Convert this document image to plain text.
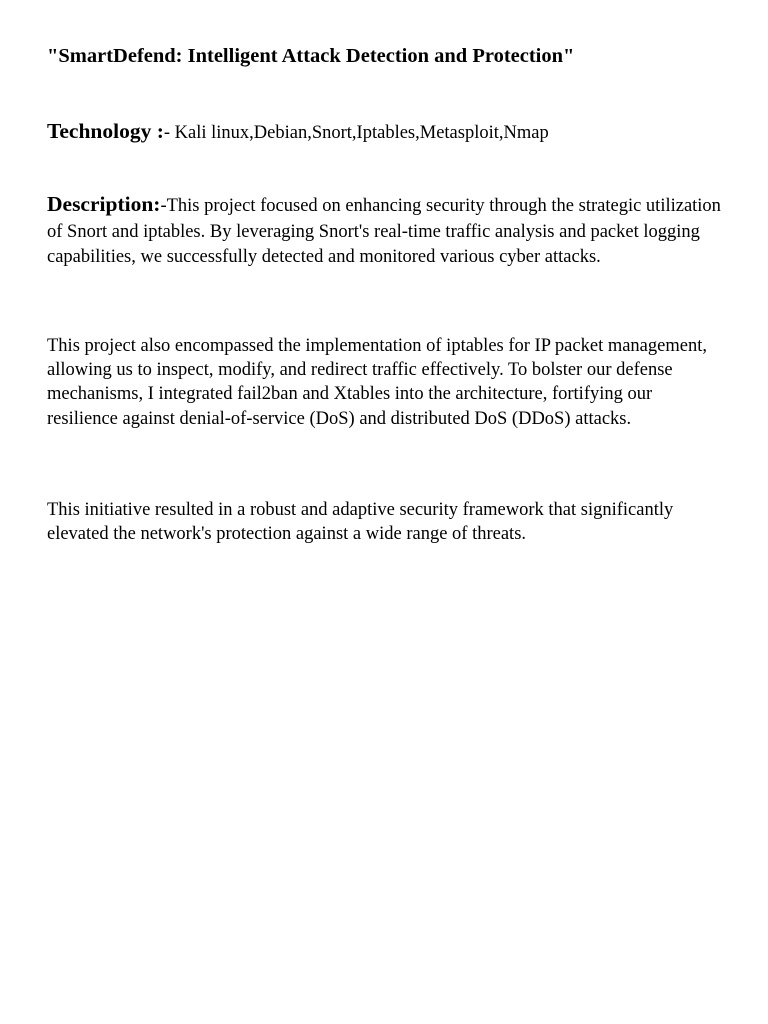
"SmartDefend: Intelligent Attack Detection and Protection"

Technology :- Kali linux,Debian,Snort,Iptables,Metasploit,Nmap

Description:-This project focused on enhancing security through the strategic utilization of Snort and iptables. By leveraging Snort's real-time traffic analysis and packet logging capabilities, we successfully detected and monitored various cyber attacks.

This project also encompassed the implementation of iptables for IP packet management, allowing us to inspect, modify, and redirect traffic effectively. To bolster our defense mechanisms, I integrated fail2ban and Xtables into the architecture, fortifying our resilience against denial-of-service (DoS) and distributed DoS (DDoS) attacks.

This initiative resulted in a robust and adaptive security framework that significantly elevated the network's protection against a wide range of threats.
